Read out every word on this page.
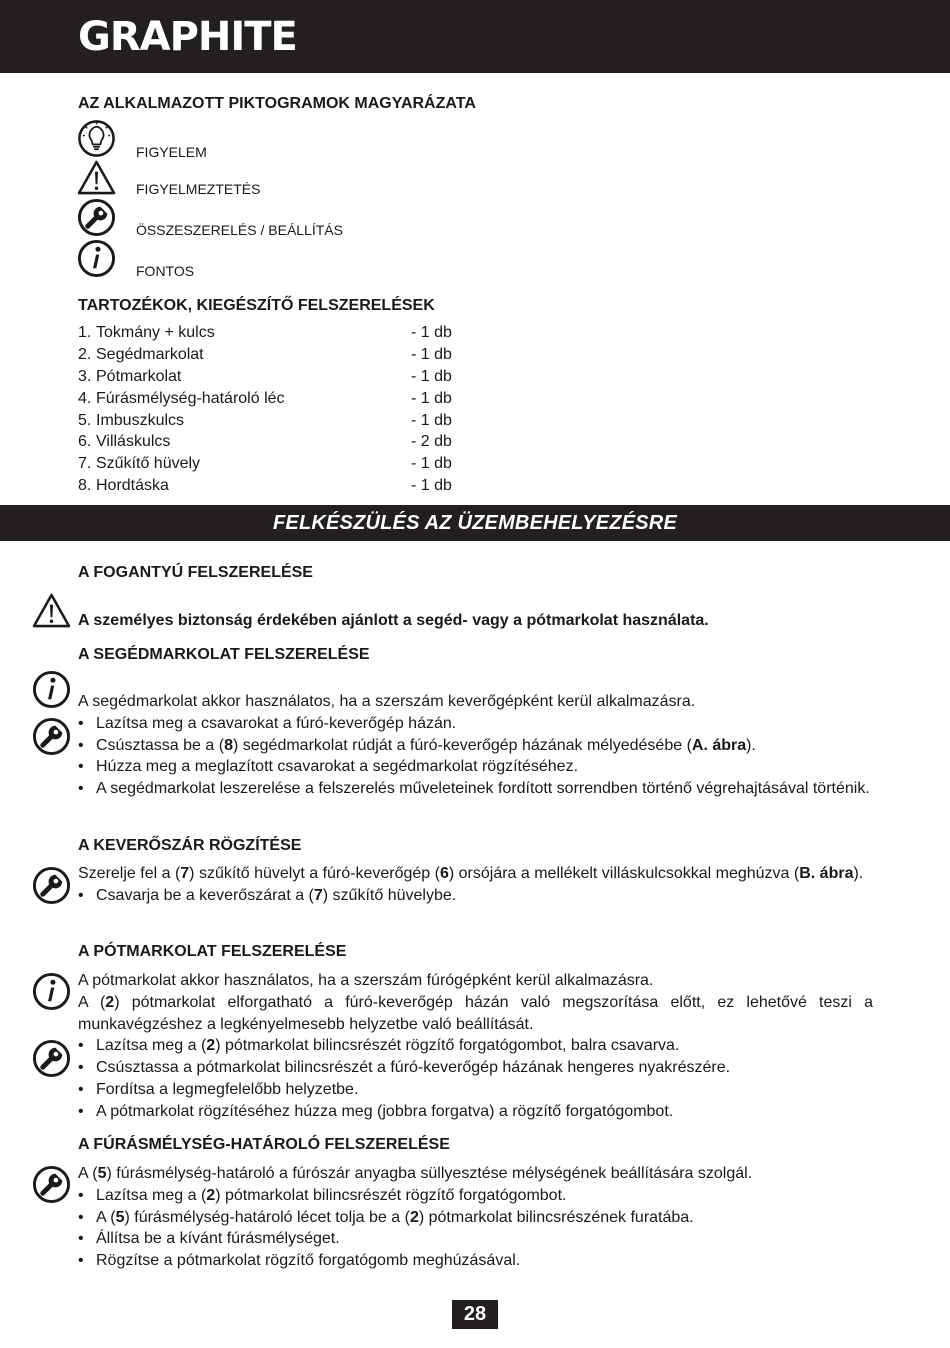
GRAPHITE
AZ ALKALMAZOTT PIKTOGRAMOK MAGYARÁZATA
FIGYELEM
FIGYELMEZTETÉS
ÖSSZESZERELÉS / BEÁLLÍTÁS
FONTOS
TARTOZÉKOK, KIEGÉSZÍTŐ FELSZERELÉSEK
1. Tokmány + kulcs	- 1 db
2. Segédmarkolat	- 1 db
3. Pótmarkolat	- 1 db
4. Fúrásmélység-határoló léc	- 1 db
5. Imbuszkulcs	- 1 db
6. Villáskulcs	- 2 db
7. Szűkítő hüvely	- 1 db
8. Hordtáska	- 1 db
FELKÉSZÜLÉS AZ ÜZEMBEHELYEZÉSRE
A FOGANTYÚ FELSZERELÉSE
A személyes biztonság érdekében ajánlott a segéd- vagy a pótmarkolat használata.
A SEGÉDMARKOLAT FELSZERELÉSE

A segédmarkolat akkor használatos, ha a szerszám keverőgépként kerül alkalmazásra.

• Lazítsa meg a csavarokat a fúró-keverőgép házán.
• Csúsztassa be a (8) segédmarkolat rúdját a fúró-keverőgép házának mélyedésébe (A. ábra).
• Húzza meg a meglazított csavarokat a segédmarkolat rögzítéséhez.
• A segédmarkolat leszerelése a felszerelés műveleteinek fordított sorrendben történő végrehajtásával történik.
A KEVERŐSZÁR RÖGZÍTÉSE

Szerelje fel a (7) szűkítő hüvelyt a fúró-keverőgép (6) orsójára a mellékelt villáskulcsokkal meghúzva (B. ábra).

• Csavarja be a keverőszárat a (7) szűkítő hüvelybe.
A PÓTMARKOLAT FELSZERELÉSE

A pótmarkolat akkor használatos, ha a szerszám fúrógépként kerül alkalmazásra.

A (2) pótmarkolat elforgatható a fúró-keverőgép házán való megszorítása előtt, ez lehetővé teszi a munkavégzéshez a legkényelmesebb helyzetbe való beállítását.

• Lazítsa meg a (2) pótmarkolat bilincsrészét rögzítő forgatógombot, balra csavarva.
• Csúsztassa a pótmarkolat bilincsrészét a fúró-keverőgép házának hengeres nyakrészére.
• Fordítsa a legmegfelelőbb helyzetbe.
• A pótmarkolat rögzítéséhez húzza meg (jobbra forgatva) a rögzítő forgatógombot.
A FÚRÁSMÉLYSÉG-HATÁROLÓ FELSZERELÉSE

A (5) fúrásmélység-határoló a fúrószár anyagba süllyesztése mélységének beállítására szolgál.

• Lazítsa meg a (2) pótmarkolat bilincsrészét rögzítő forgatógombot.
• A (5) fúrásmélység-határoló lécet tolja be a (2) pótmarkolat bilincsrészének furatába.
• Állítsa be a kívánt fúrásmélységet.
• Rögzítse a pótmarkolat rögzítő forgatógomb meghúzásával.
28
